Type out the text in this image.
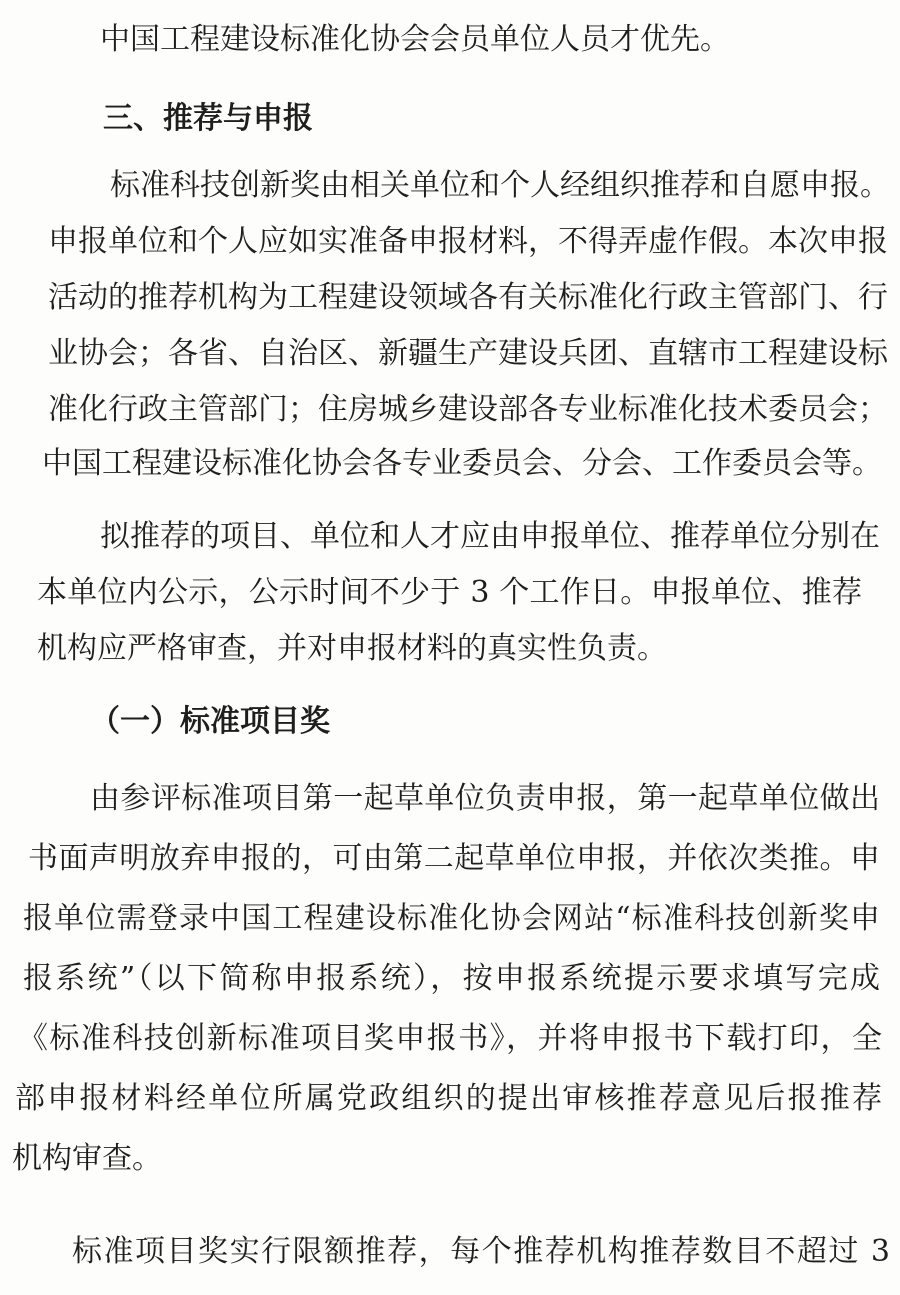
中国工程建设标准化协会会员单位人员才优先。

三、推荐与申报

标准科技创新奖由相关单位和个人经组织推荐和自愿申报。

申报单位和个人应如实准备申报材料，不得弄虚作假。本次申报

活动的推荐机构为工程建设领域各有关标准化行政主管部门、行

业协会；各省、自治区、新疆生产建设兵团、直辖市工程建设标

准化行政主管部门；住房城乡建设部各专业标准化技术委员会；

中国工程建设标准化协会各专业委员会、分会、工作委员会等。

拟推荐的项目、单位和人才应由申报单位、推荐单位分别在

本单位内公示，公示时间不少于 3 个工作日。申报单位、推荐

机构应严格审查，并对申报材料的真实性负责。

（一）标准项目奖

由参评标准项目第一起草单位负责申报，第一起草单位做出

书面声明放弃申报的，可由第二起草单位申报，并依次类推。申

报单位需登录中国工程建设标准化协会网站“标准科技创新奖申

报系统”（以下简称申报系统），按申报系统提示要求填写完成

《标准科技创新标准项目奖申报书》，并将申报书下载打印，全

部申报材料经单位所属党政组织的提出审核推荐意见后报推荐

机构审查。

标准项目奖实行限额推荐，每个推荐机构推荐数目不超过 3
